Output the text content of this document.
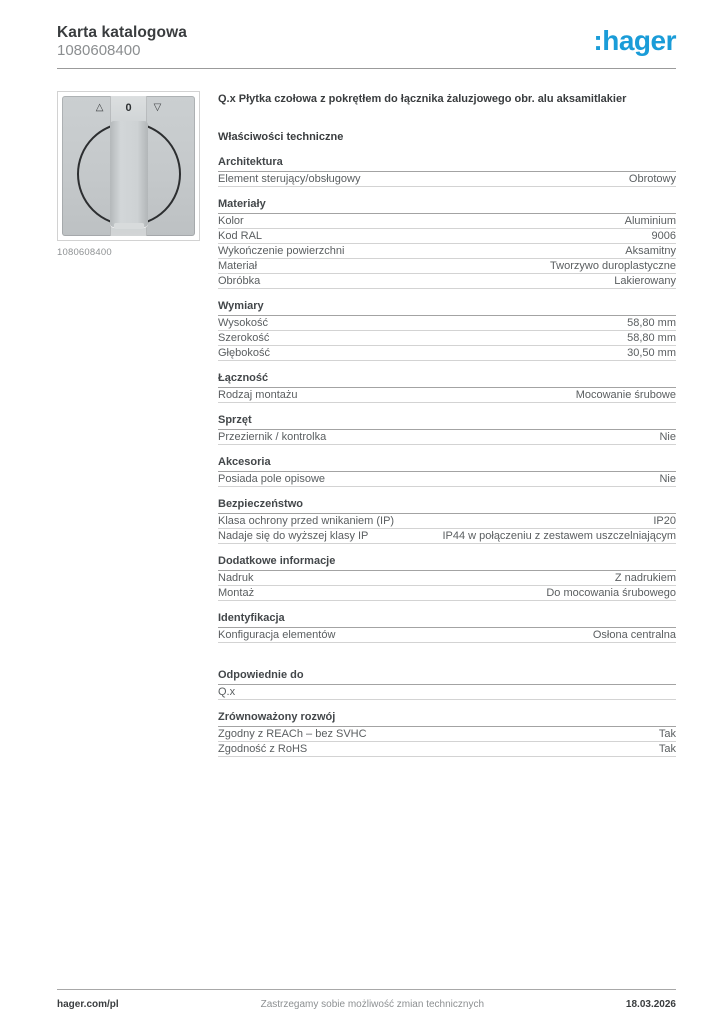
Karta katalogowa
1080608400	:hager
△ 0 ▽
1080608400
Q.x Płytka czołowa z pokrętłem do łącznika żaluzjowego obr. alu aksamitlakier
Właściwości techniczne
Architektura
Element sterujący/obsługowy	Obrotowy
Materiały
Kolor	Aluminium
Kod RAL	9006
Wykończenie powierzchni	Aksamitny
Materiał	Tworzywo duroplastyczne
Obróbka	Lakierowany
Wymiary
Wysokość	58,80 mm
Szerokość	58,80 mm
Głębokość	30,50 mm
Łączność
Rodzaj montażu	Mocowanie śrubowe
Sprzęt
Przeziernik / kontrolka	Nie
Akcesoria
Posiada pole opisowe	Nie
Bezpieczeństwo
Klasa ochrony przed wnikaniem (IP)	IP20
Nadaje się do wyższej klasy IP	IP44 w połączeniu z zestawem uszczelniającym
Dodatkowe informacje
Nadruk	Z nadrukiem
Montaż	Do mocowania śrubowego
Identyfikacja
Konfiguracja elementów	Osłona centralna
Odpowiednie do
Q.x
Zrównoważony rozwój
Zgodny z REACh – bez SVHC	Tak
Zgodność z RoHS	Tak
hager.com/pl	Zastrzegamy sobie możliwość zmian technicznych	18.03.2026
